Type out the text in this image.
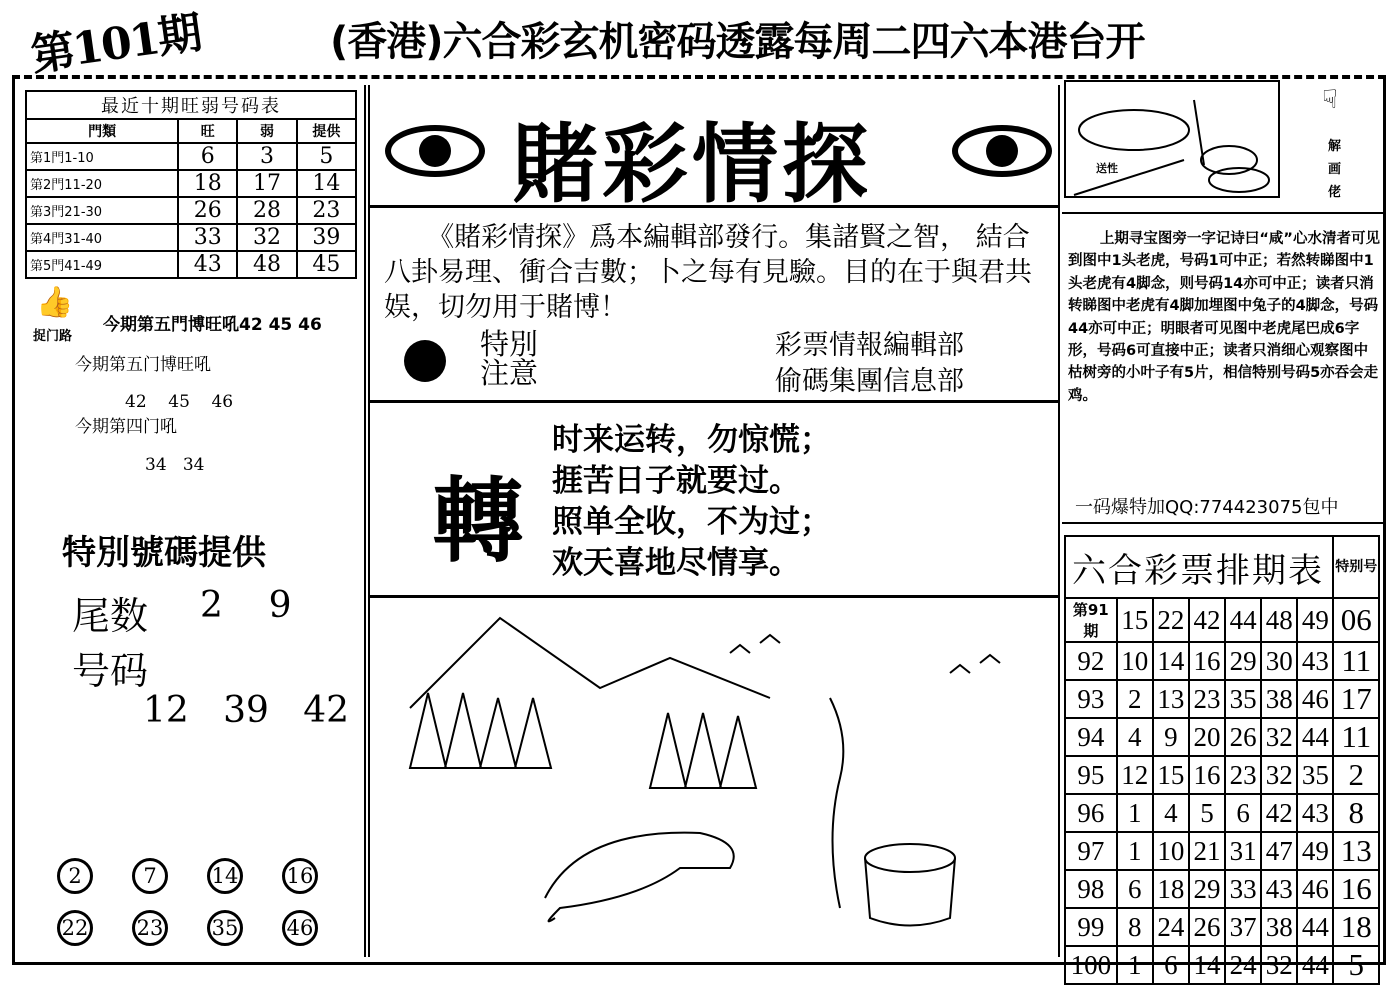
第101期	(香港)六合彩玄机密码透露每周二四六本港台开
最近十期旺弱号码表			
門類	旺	弱	提供
第1門1-10	6	3	5
第2門11-20	18	17	14
第3門21-30	26	28	23
第4門31-40	33	32	39
第5門41-49	43	48	45
👍
捉门路
今期第五門博旺吼42 45 46
今期第五门博旺吼
42    45    46
今期第四门吼
34   34
特別號碼提供
尾数 2    9
号码
12   39   42
2	7	14 16
22 23 35 46
賭彩情探
《賭彩情探》爲本編輯部發行。集諸賢之智， 結合八卦易理、衝合吉數；卜之每有見驗。目的在于與君共娱，切勿用于賭博！
特別
注意
彩票情報編輯部
偷碼集團信息部
轉
时来运转，勿惊慌；
捱苦日子就要过。
照单全收，不为过；
欢天喜地尽情享。
送性
☟
解
画
佬
上期寻宝图旁一字记诗曰“咸”心水清者可见到图中1头老虎，号码1可中正；若然转睇图中1头老虎有4脚念，则号码14亦可中正；读者只消转睇图中老虎有4脚加埋图中兔子的4脚念，号码44亦可中正；明眼者可见图中老虎尾巴成6字形，号码6可直接中正；读者只消细心观察图中枯树旁的小叶子有5片，相信特别号码5亦吞会走鸡。
一码爆特加QQ:774423075包中
六合彩票排期表							特别号
第91期	15	22	42	44	48	49	06
92	10	14	16	29	30	43	11
93	2	13	23	35	38	46	17
94	4	9	20	26	32	44	11
95	12	15	16	23	32	35	2
96	1	4	5	6	42	43	8
97	1	10	21	31	47	49	13
98	6	18	29	33	43	46	16
99	8	24	26	37	38	44	18
100	1	6	14	24	32	44	5
